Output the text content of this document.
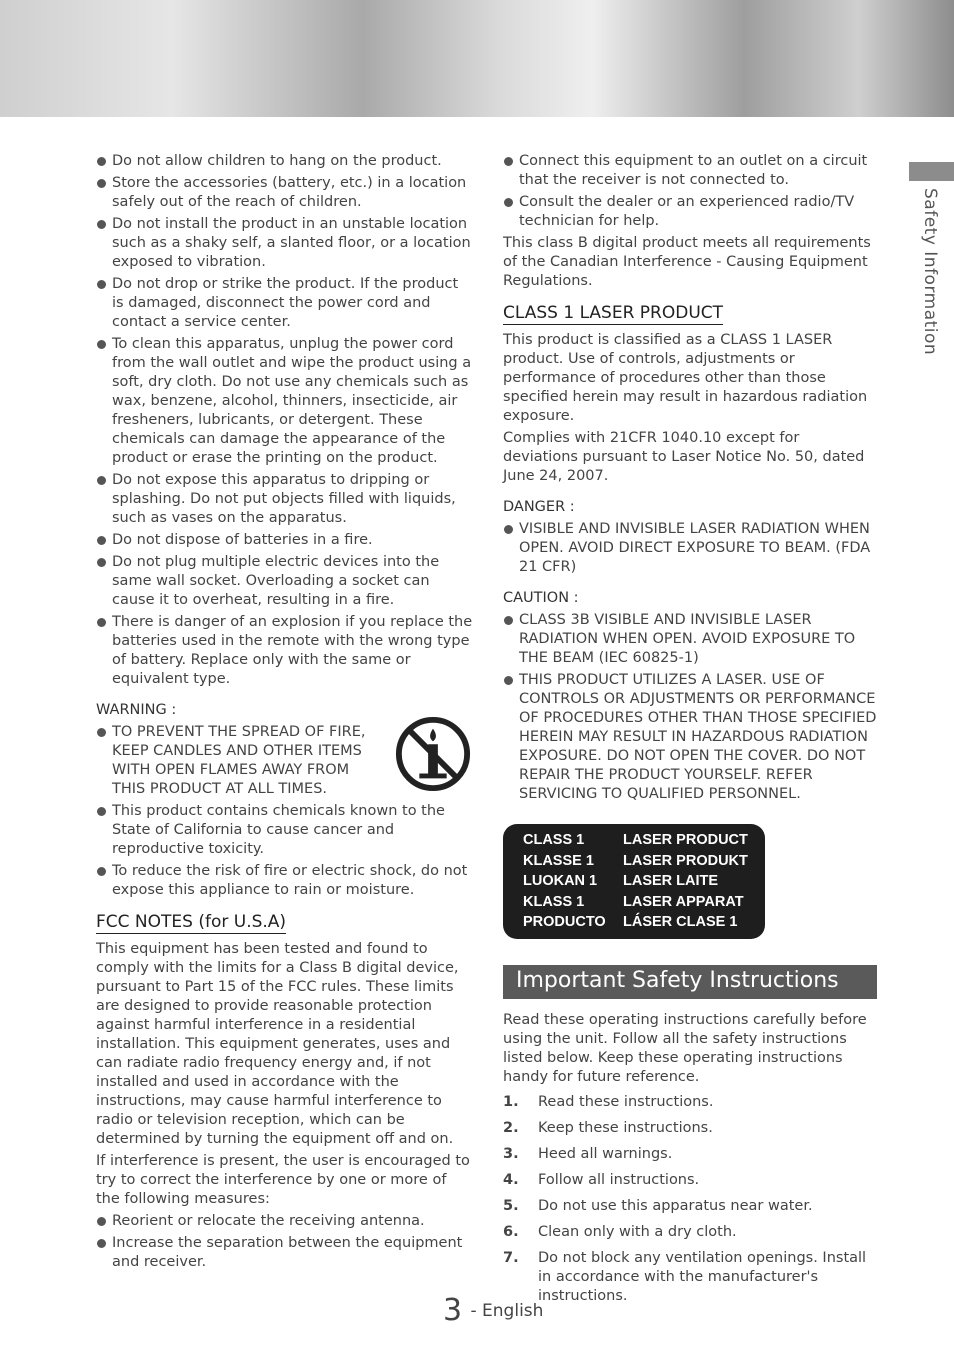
Safety Information
Do not allow children to hang on the product.
Store the accessories (battery, etc.) in a location safely out of the reach of children.
Do not install the product in an unstable location such as a shaky self, a slanted floor, or a location exposed to vibration.
Do not drop or strike the product. If the product is damaged, disconnect the power cord and contact a service center.
To clean this apparatus, unplug the power cord from the wall outlet and wipe the product using a soft, dry cloth. Do not use any chemicals such as wax, benzene, alcohol, thinners, insecticide, air fresheners, lubricants, or detergent. These chemicals can damage the appearance of the product or erase the printing on the product.
Do not expose this apparatus to dripping or splashing. Do not put objects filled with liquids, such as vases on the apparatus.
Do not dispose of batteries in a fire.
Do not plug multiple electric devices into the same wall socket. Overloading a socket can cause it to overheat, resulting in a fire.
There is danger of an explosion if you replace the batteries used in the remote with the wrong type of battery. Replace only with the same or equivalent type.
WARNING :
TO PREVENT THE SPREAD OF FIRE, KEEP CANDLES AND OTHER ITEMS WITH OPEN FLAMES AWAY FROM THIS PRODUCT AT ALL TIMES.
This product contains chemicals known to the State of California to cause cancer and reproductive toxicity.
To reduce the risk of fire or electric shock, do not expose this appliance to rain or moisture.
FCC NOTES (for U.S.A)

This equipment has been tested and found to comply with the limits for a Class B digital device, pursuant to Part 15 of the FCC rules. These limits are designed to provide reasonable protection against harmful interference in a residential installation. This equipment generates, uses and can radiate radio frequency energy and, if not installed and used in accordance with the instructions, may cause harmful interference to radio or television reception, which can be determined by turning the equipment off and on.

If interference is present, the user is encouraged to try to correct the interference by one or more of the following measures:

Reorient or relocate the receiving antenna.
Increase the separation between the equipment and receiver.
Connect this equipment to an outlet on a circuit that the receiver is not connected to.
Consult the dealer or an experienced radio/TV technician for help.

This class B digital product meets all requirements of the Canadian Interference - Causing Equipment Regulations.

CLASS 1 LASER PRODUCT

This product is classified as a CLASS 1 LASER product. Use of controls, adjustments or performance of procedures other than those specified herein may result in hazardous radiation exposure.

Complies with 21CFR 1040.10 except for deviations pursuant to Laser Notice No. 50, dated June 24, 2007.

DANGER :
VISIBLE AND INVISIBLE LASER RADIATION WHEN OPEN. AVOID DIRECT EXPOSURE TO BEAM. (FDA 21 CFR)
CAUTION :
CLASS 3B VISIBLE AND INVISIBLE LASER RADIATION WHEN OPEN. AVOID EXPOSURE TO THE BEAM (IEC 60825-1)
THIS PRODUCT UTILIZES A LASER. USE OF CONTROLS OR ADJUSTMENTS OR PERFORMANCE OF PROCEDURES OTHER THAN THOSE SPECIFIED HEREIN MAY RESULT IN HAZARDOUS RADIATION EXPOSURE. DO NOT OPEN THE COVER. DO NOT REPAIR THE PRODUCT YOURSELF. REFER SERVICING TO QUALIFIED PERSONNEL.
CLASS 1	LASER PRODUCT
KLASSE 1	LASER PRODUKT
LUOKAN 1	LASER LAITE
KLASS 1	LASER APPARAT
PRODUCTO	LÁSER CLASE 1
Important Safety Instructions

Read these operating instructions carefully before using the unit. Follow all the safety instructions listed below. Keep these operating instructions handy for future reference.

1.	Read these instructions.
2.	Keep these instructions.
3.	Heed all warnings.
4.	Follow all instructions.
5.	Do not use this apparatus near water.
6.	Clean only with a dry cloth.
7.	Do not block any ventilation openings. Install in accordance with the manufacturer's instructions.
3 - English
